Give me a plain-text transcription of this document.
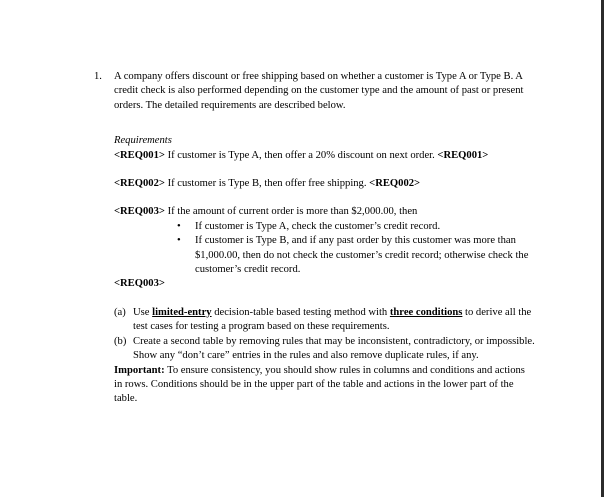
1. A company offers discount or free shipping based on whether a customer is Type A or Type B. A credit check is also performed depending on the customer type and the amount of past or present orders. The detailed requirements are described below.

Requirements

<REQ001> If customer is Type A, then offer a 20% discount on next order. <REQ001>

<REQ002> If customer is Type B, then offer free shipping. <REQ002>

<REQ003> If the amount of current order is more than $2,000.00, then

• If customer is Type A, check the customer’s credit record.
• If customer is Type B, and if any past order by this customer was more than $1,000.00, then do not check the customer’s credit record; otherwise check the customer’s credit record.

<REQ003>

(a) Use limited-entry decision-table based testing method with three conditions to derive all the test cases for testing a program based on these requirements.

(b) Create a second table by removing rules that may be inconsistent, contradictory, or impossible. Show any “don’t care” entries in the rules and also remove duplicate rules, if any.

Important: To ensure consistency, you should show rules in columns and conditions and actions in rows. Conditions should be in the upper part of the table and actions in the lower part of the table.
